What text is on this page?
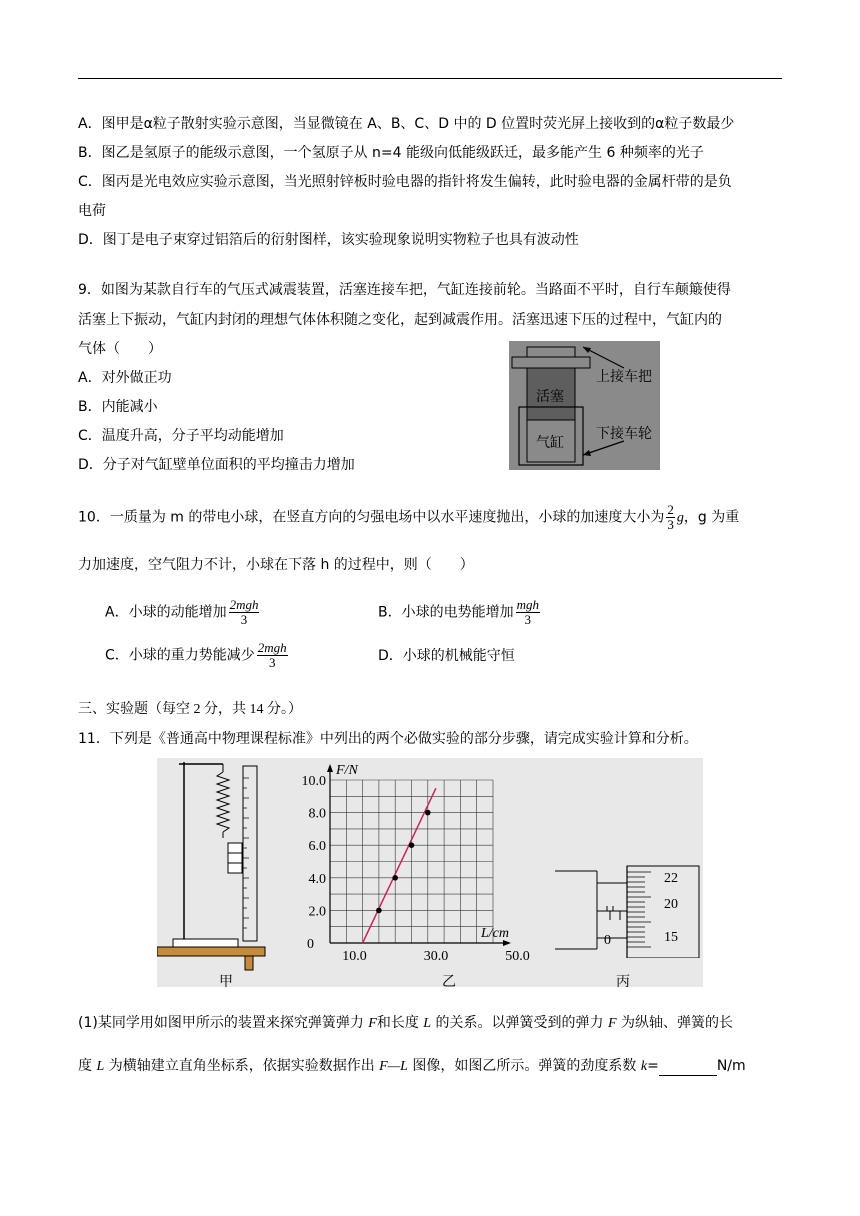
A．图甲是α粒子散射实验示意图，当显微镜在 A、B、C、D 中的 D 位置时荧光屏上接收到的α粒子数最少
B．图乙是氢原子的能级示意图，一个氢原子从 n=4 能级向低能级跃迁，最多能产生 6 种频率的光子
C．图丙是光电效应实验示意图，当光照射锌板时验电器的指针将发生偏转，此时验电器的金属杆带的是负
电荷
D．图丁是电子束穿过铝箔后的衍射图样，该实验现象说明实物粒子也具有波动性
9．如图为某款自行车的气压式减震装置，活塞连接车把，气缸连接前轮。当路面不平时，自行车颠簸使得
活塞上下振动，气缸内封闭的理想气体体积随之变化，起到减震作用。活塞迅速下压的过程中，气缸内的
气体（　　）
A．对外做正功
B．内能减小
C．温度升高，分子平均动能增加
D．分子对气缸壁单位面积的平均撞击力增加
活塞
气缸
上接车把
下接车轮
10．一质量为 m 的带电小球，在竖直方向的匀强电场中以水平速度抛出，小球的加速度大小为 $\frac{2}{3}$ g，g 为重
力加速度，空气阻力不计，小球在下落 h 的过程中，则（　　）
A．小球的动能增加 $\frac{\text{2mgh}}{3}$	B．小球的电势能增加 $\frac{\text{mgh}}{3}$
C．小球的重力势能减少 $\frac{\text{2mgh}}{3}$	D．小球的机械能守恒
三、实验题（每空 2 分，共 14 分。）
11．下列是《普通高中物理课程标准》中列出的两个必做实验的部分步骤，请完成实验计算和分析。
甲
0
2.0
4.0
6.0
8.0
10.0
10.0	30.0	50.0
F/N
L/cm
乙
22
20
15
0
丙
(1)某同学用如图甲所示的装置来探究弹簧弹力 F和长度 L 的关系。以弹簧受到的弹力 F 为纵轴、弹簧的长
度 L 为横轴建立直角坐标系，依据实验数据作出 F—L 图像，如图乙所示。弹簧的劲度系数 k=	N/m
